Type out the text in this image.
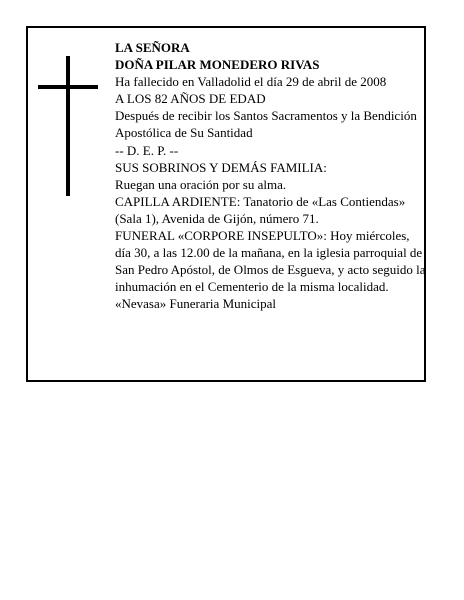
LA SEÑORA

DOÑA PILAR MONEDERO RIVAS

Ha fallecido en Valladolid el día 29 de abril de 2008

A LOS 82 AÑOS DE EDAD

Después de recibir los Santos Sacramentos y la Bendición Apostólica de Su Santidad

-- D. E. P. --

SUS SOBRINOS Y DEMÁS FAMILIA:

Ruegan una oración por su alma.

CAPILLA ARDIENTE: Tanatorio de «Las Contiendas» (Sala 1), Avenida de Gijón, número 71.

FUNERAL «CORPORE INSEPULTO»: Hoy miércoles, día 30, a las 12.00 de la mañana, en la iglesia parroquial de San Pedro Apóstol, de Olmos de Esgueva, y acto seguido la inhumación en el Cementerio de la misma localidad.

«Nevasa» Funeraria Municipal
